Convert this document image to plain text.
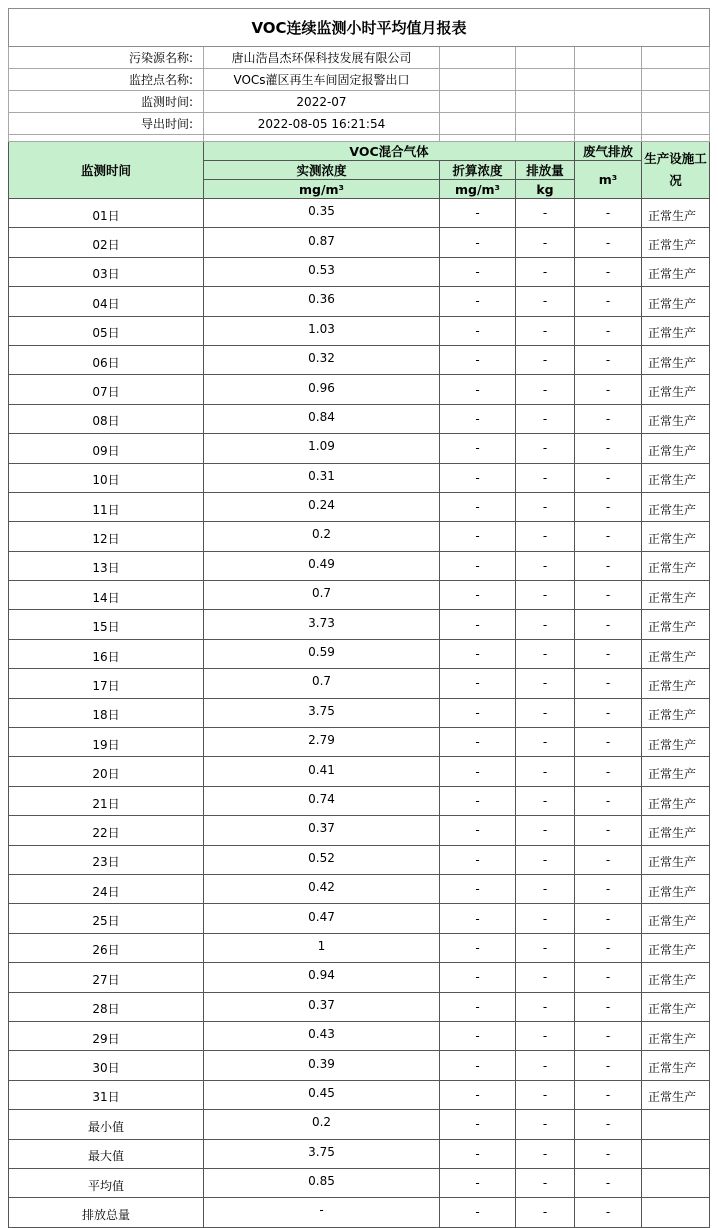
VOC连续监测小时平均值月报表					
污染源名称:	唐山浩昌杰环保科技发展有限公司				
监控点名称:	VOCs灌区再生车间固定报警出口				
监测时间:	2022-07				
导出时间:	2022-08-05 16:21:54				

监测时间	VOC混合气体			废气排放	生产设施工况
	实测浓度	折算浓度	排放量	m³	
	mg/m³	mg/m³	kg		
01日	0.35	-	-	-	正常生产
02日	0.87	-	-	-	正常生产
03日	0.53	-	-	-	正常生产
04日	0.36	-	-	-	正常生产
05日	1.03	-	-	-	正常生产
06日	0.32	-	-	-	正常生产
07日	0.96	-	-	-	正常生产
08日	0.84	-	-	-	正常生产
09日	1.09	-	-	-	正常生产
10日	0.31	-	-	-	正常生产
11日	0.24	-	-	-	正常生产
12日	0.2	-	-	-	正常生产
13日	0.49	-	-	-	正常生产
14日	0.7	-	-	-	正常生产
15日	3.73	-	-	-	正常生产
16日	0.59	-	-	-	正常生产
17日	0.7	-	-	-	正常生产
18日	3.75	-	-	-	正常生产
19日	2.79	-	-	-	正常生产
20日	0.41	-	-	-	正常生产
21日	0.74	-	-	-	正常生产
22日	0.37	-	-	-	正常生产
23日	0.52	-	-	-	正常生产
24日	0.42	-	-	-	正常生产
25日	0.47	-	-	-	正常生产
26日	1	-	-	-	正常生产
27日	0.94	-	-	-	正常生产
28日	0.37	-	-	-	正常生产
29日	0.43	-	-	-	正常生产
30日	0.39	-	-	-	正常生产
31日	0.45	-	-	-	正常生产
最小值	0.2	-	-	-	
最大值	3.75	-	-	-	
平均值	0.85	-	-	-	
排放总量	-	-	-	-	
